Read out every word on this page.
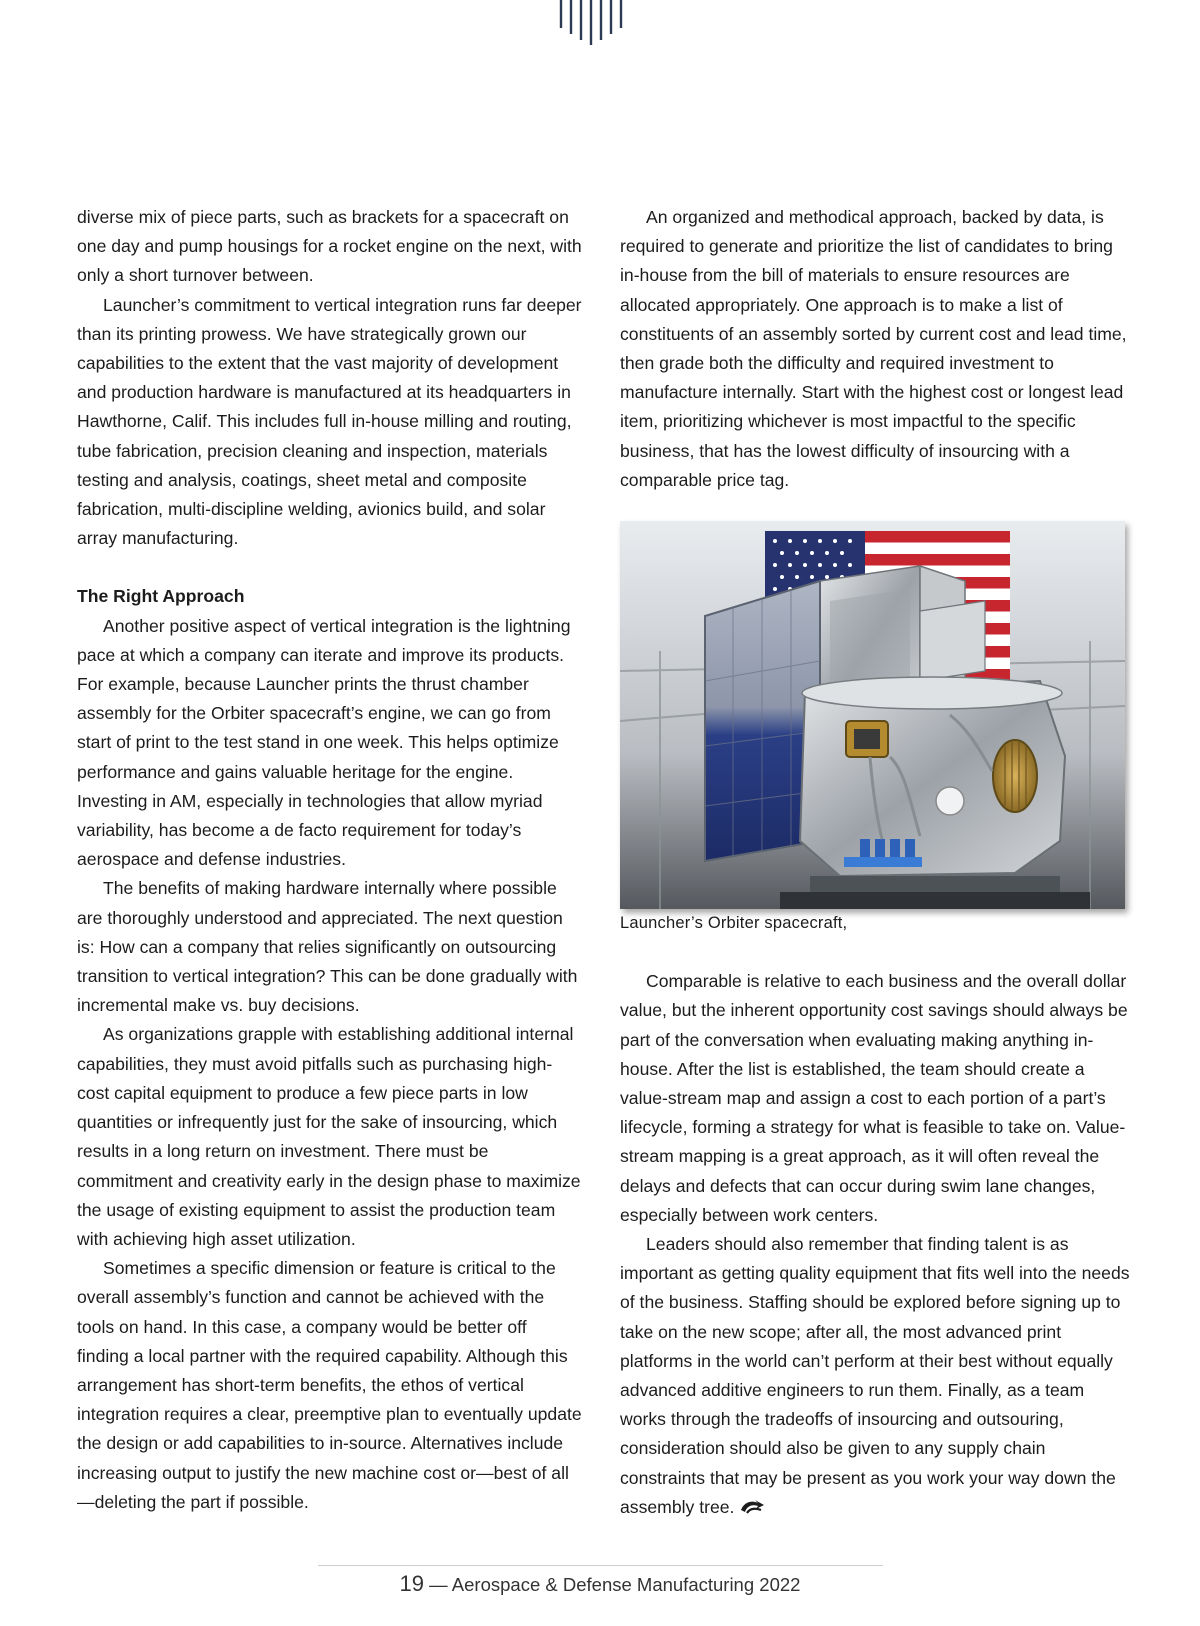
diverse mix of piece parts, such as brackets for a spacecraft on one day and pump housings for a rocket engine on the next, with only a short turnover between.

Launcher’s commitment to vertical integration runs far deeper than its printing prowess. We have strategically grown our capabilities to the extent that the vast majority of development and production hardware is manufactured at its headquarters in Hawthorne, Calif. This includes full in-house milling and routing, tube fabrication, precision cleaning and inspection, materials testing and analysis, coatings, sheet metal and composite fabrication, multi-discipline welding, avionics build, and solar array manufacturing.

The Right Approach

Another positive aspect of vertical integration is the lightning pace at which a company can iterate and improve its products. For example, because Launcher prints the thrust chamber assembly for the Orbiter spacecraft’s engine, we can go from start of print to the test stand in one week. This helps optimize performance and gains valuable heritage for the engine. Investing in AM, especially in technologies that allow myriad variability, has become a de facto requirement for today’s aerospace and defense industries.

The benefits of making hardware internally where possible are thoroughly understood and appreciated. The next question is: How can a company that relies significantly on outsourcing transition to vertical integration? This can be done gradually with incremental make vs. buy decisions.

As organizations grapple with establishing additional internal capabilities, they must avoid pitfalls such as purchasing high-cost capital equipment to produce a few piece parts in low quantities or infrequently just for the sake of insourcing, which results in a long return on investment. There must be commitment and creativity early in the design phase to maximize the usage of existing equipment to assist the production team with achieving high asset utilization.

Sometimes a specific dimension or feature is critical to the overall assembly’s function and cannot be achieved with the tools on hand. In this case, a company would be better off finding a local partner with the required capability. Although this arrangement has short-term benefits, the ethos of vertical integration requires a clear, preemptive plan to eventually update the design or add capabilities to in-source. Alternatives include increasing output to justify the new machine cost or—best of all—deleting the part if possible.

An organized and methodical approach, backed by data, is required to generate and prioritize the list of candidates to bring in-house from the bill of materials to ensure resources are allocated appropriately. One approach is to make a list of constituents of an assembly sorted by current cost and lead time, then grade both the difficulty and required investment to manufacture internally. Start with the highest cost or longest lead item, prioritizing whichever is most impactful to the specific business, that has the lowest difficulty of insourcing with a comparable price tag.

Launcher’s Orbiter spacecraft,

Comparable is relative to each business and the overall dollar value, but the inherent opportunity cost savings should always be part of the conversation when evaluating making anything in-house. After the list is established, the team should create a value-stream map and assign a cost to each portion of a part’s lifecycle, forming a strategy for what is feasible to take on. Value-stream mapping is a great approach, as it will often reveal the delays and defects that can occur during swim lane changes, especially between work centers.

Leaders should also remember that finding talent is as important as getting quality equipment that fits well into the needs of the business. Staffing should be explored before signing up to take on the new scope; after all, the most advanced print platforms in the world can’t perform at their best without equally advanced additive engineers to run them. Finally, as a team works through the tradeoffs of insourcing and outsouring, consideration should also be given to any supply chain constraints that may be present as you work your way down the assembly tree.

19 — Aerospace & Defense Manufacturing 2022
